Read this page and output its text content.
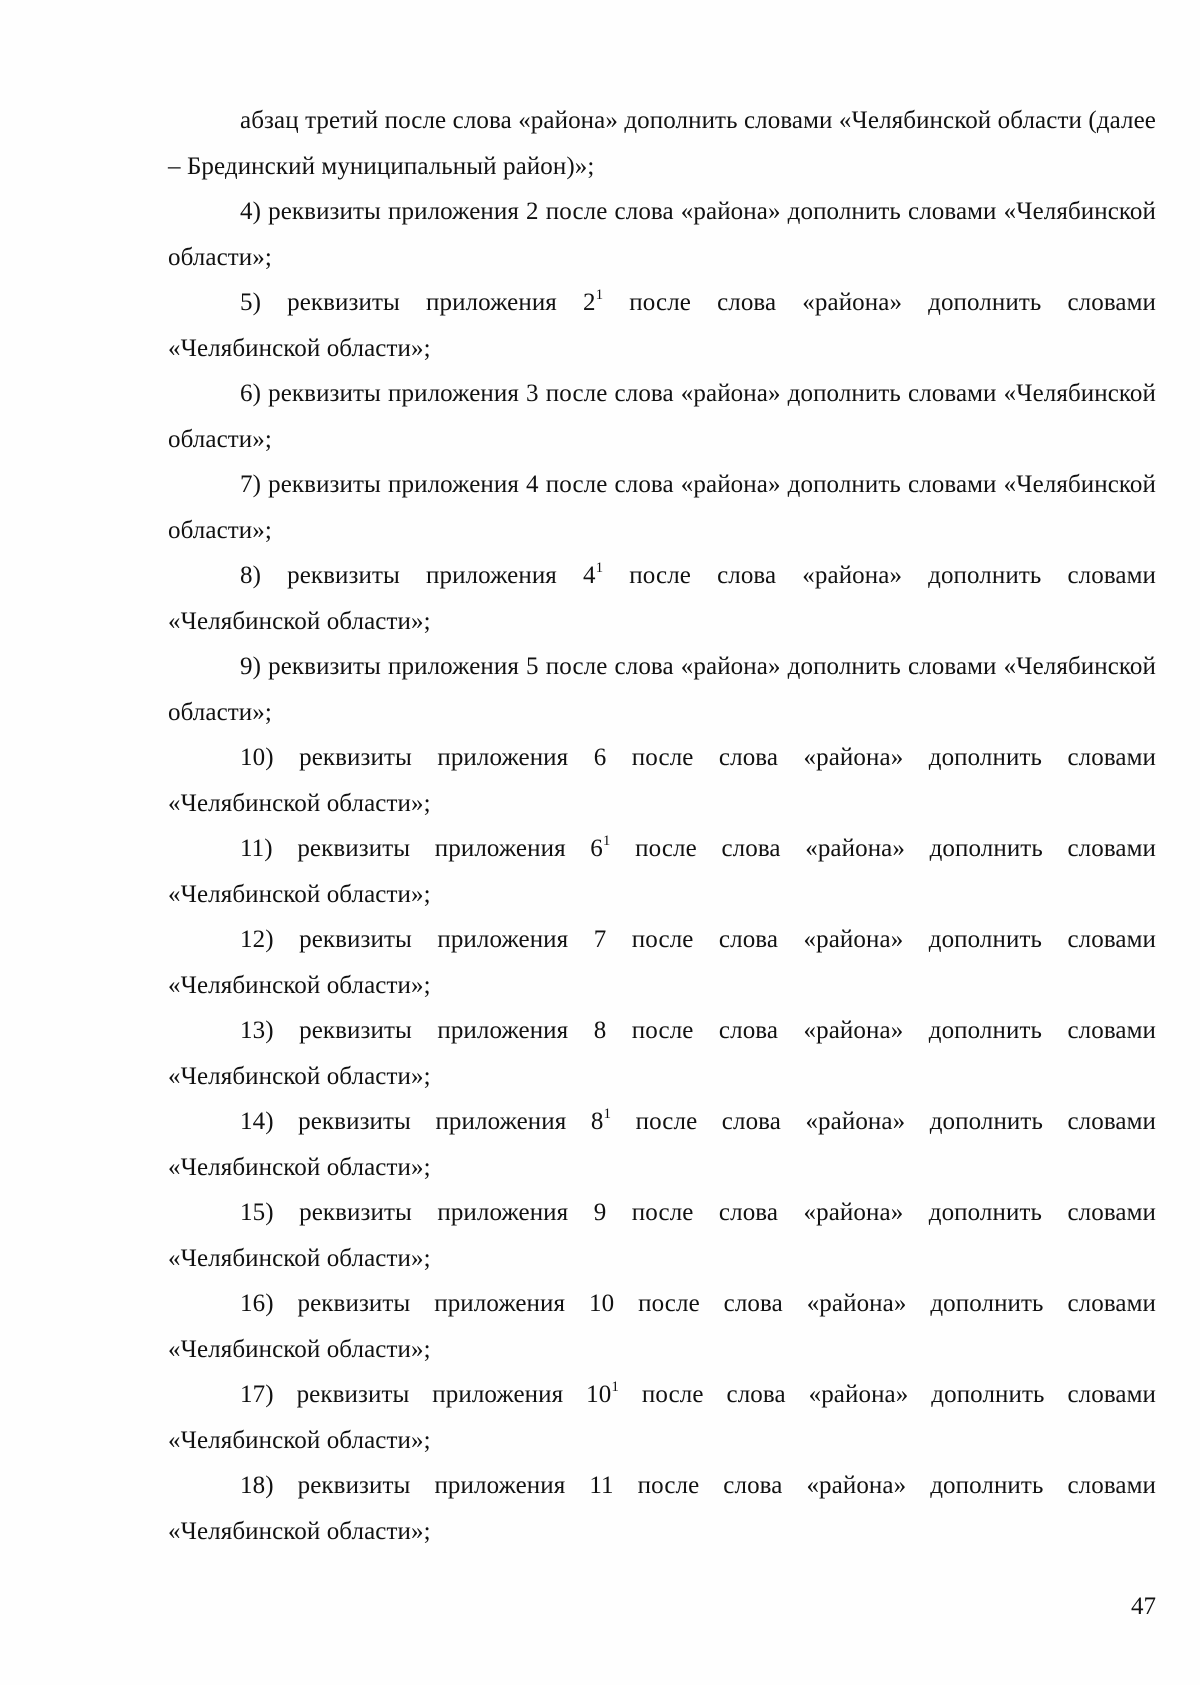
абзац третий после слова «района» дополнить словами «Челябинской области (далее – Брединский муниципальный район)»;

4) реквизиты приложения 2 после слова «района» дополнить словами «Челябинской области»;

5) реквизиты приложения $2^1$ после слова «района» дополнить словами «Челябинской области»;

6) реквизиты приложения 3 после слова «района» дополнить словами «Челябинской области»;

7) реквизиты приложения 4 после слова «района» дополнить словами «Челябинской области»;

8) реквизиты приложения $4^1$ после слова «района» дополнить словами «Челябинской области»;

9) реквизиты приложения 5 после слова «района» дополнить словами «Челябинской области»;

10) реквизиты приложения 6 после слова «района» дополнить словами «Челябинской области»;

11) реквизиты приложения $6^1$ после слова «района» дополнить словами «Челябинской области»;

12) реквизиты приложения 7 после слова «района» дополнить словами «Челябинской области»;

13) реквизиты приложения 8 после слова «района» дополнить словами «Челябинской области»;

14) реквизиты приложения $8^1$ после слова «района» дополнить словами «Челябинской области»;

15) реквизиты приложения 9 после слова «района» дополнить словами «Челябинской области»;

16) реквизиты приложения 10 после слова «района» дополнить словами «Челябинской области»;

17) реквизиты приложения $10^1$ после слова «района» дополнить словами «Челябинской области»;

18) реквизиты приложения 11 после слова «района» дополнить словами «Челябинской области»;

47
